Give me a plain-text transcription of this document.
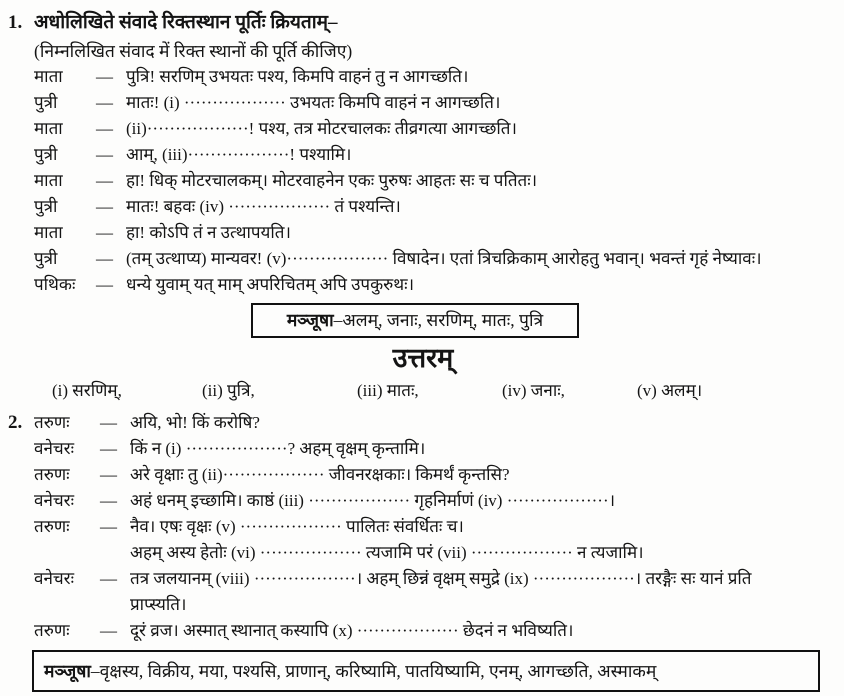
1. अधोलिखिते संवादे रिक्तस्थान पूर्तिः क्रियताम्–
(निम्नलिखित संवाद में रिक्त स्थानों की पूर्ति कीजिए)
माता	— पुत्रि! सरणिम् उभयतः पश्य, किमपि वाहनं तु न आगच्छति।
पुत्री	— मातः! (i) ·················· उभयतः किमपि वाहनं न आगच्छति।
माता	— (ii)··················! पश्य, तत्र मोटरचालकः तीव्रगत्या आगच्छति।
पुत्री	— आम्, (iii)··················! पश्यामि।
माता	— हा! धिक् मोटरचालकम्। मोटरवाहनेन एकः पुरुषः आहतः सः च पतितः।
पुत्री	— मातः! बहवः (iv) ·················· तं पश्यन्ति।
माता	— हा! कोऽपि तं न उत्थापयति।
पुत्री	— (तम् उत्थाप्य) मान्यवर! (v)·················· विषादेन। एतां त्रिचक्रिकाम् आरोहतु भवान्। भवन्तं गृहं नेष्यावः।
पथिकः	— धन्ये युवाम् यत् माम् अपरिचितम् अपि उपकुरुथः।
मञ्जूषा–अलम्, जनाः, सरणिम्, मातः, पुत्रि
उत्तरम्
(i) सरणिम्,	(ii) पुत्रि,	(iii) मातः,	(iv) जनाः,	(v) अलम्।
2. तरुणः	— अयि, भो! किं करोषि?
वनेचरः	— किं न (i) ··················? अहम् वृक्षम् कृन्तामि।
तरुणः	— अरे वृक्षाः तु (ii)·················· जीवनरक्षकाः। किमर्थं कृन्तसि?
वनेचरः	— अहं धनम् इच्छामि। काष्ठं (iii) ·················· गृहनिर्माणं (iv) ··················।
तरुणः	— नैव। एषः वृक्षः (v) ·················· पालितः संवर्धितः च।
अहम् अस्य हेतोः (vi) ·················· त्यजामि परं (vii) ·················· न त्यजामि।
वनेचरः	— तत्र जलयानम् (viii) ··················। अहम् छिन्नं वृक्षम् समुद्रे (ix) ··················। तरङ्गैः सः यानं प्रति
प्राप्स्यति।
तरुणः	— दूरं व्रज। अस्मात् स्थानात् कस्यापि (x) ·················· छेदनं न भविष्यति।
मञ्जूषा–वृक्षस्य, विक्रीय, मया, पश्यसि, प्राणान्, करिष्यामि, पातयिष्यामि, एनम्, आगच्छति, अस्माकम्
